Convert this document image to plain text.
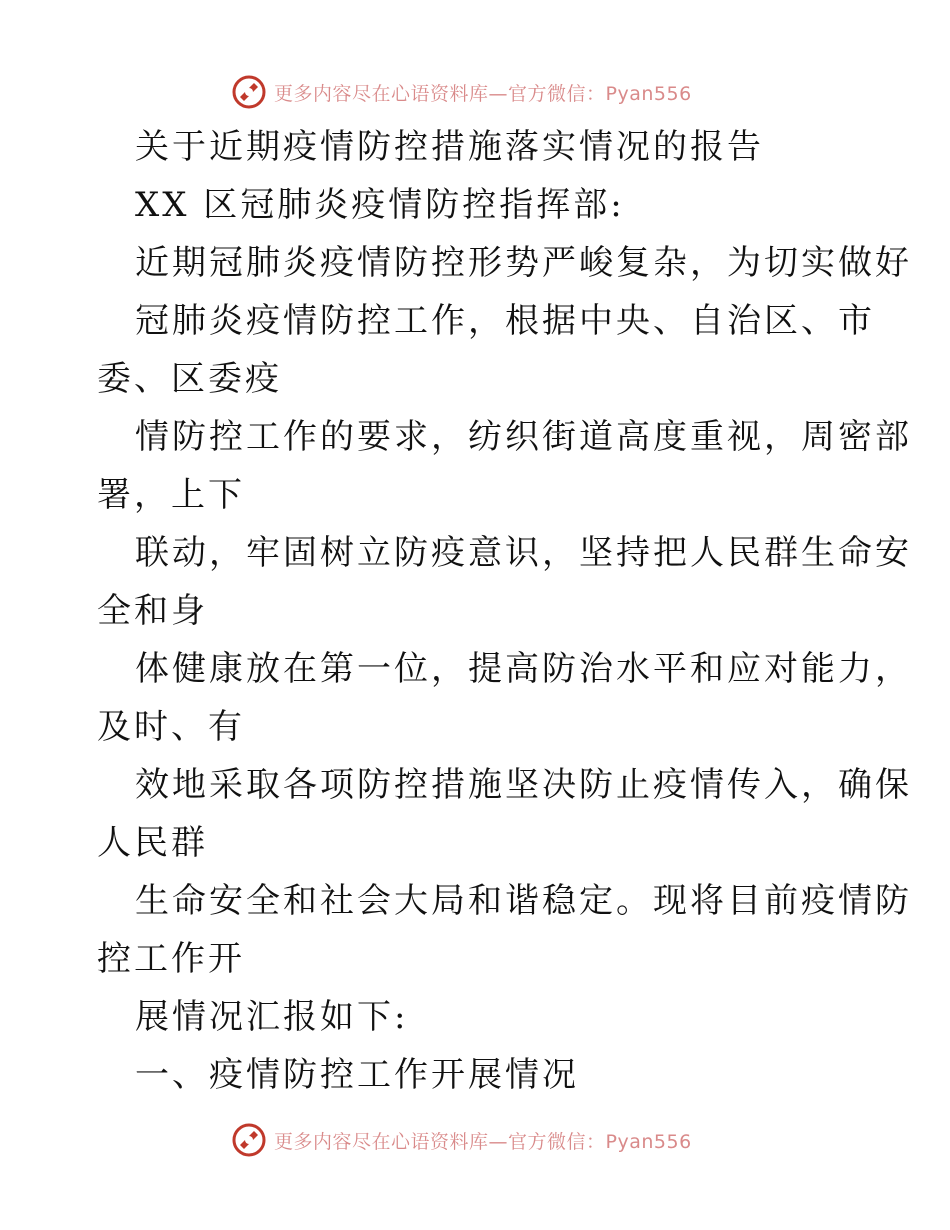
更多内容尽在心语资料库—官方微信：Pyan556
关于近期疫情防控措施落实情况的报告
XX 区冠肺炎疫情防控指挥部:
近期冠肺炎疫情防控形势严峻复杂，为切实做好
冠肺炎疫情防控工作，根据中央、自治区、市
委、区委疫
情防控工作的要求，纺织街道高度重视，周密部
署，上下
联动，牢固树立防疫意识，坚持把人民群生命安
全和身
体健康放在第一位，提高防治水平和应对能力，
及时、有
效地采取各项防控措施坚决防止疫情传入，确保
人民群
生命安全和社会大局和谐稳定。现将目前疫情防
控工作开
展情况汇报如下:
一、疫情防控工作开展情况
更多内容尽在心语资料库—官方微信：Pyan556
